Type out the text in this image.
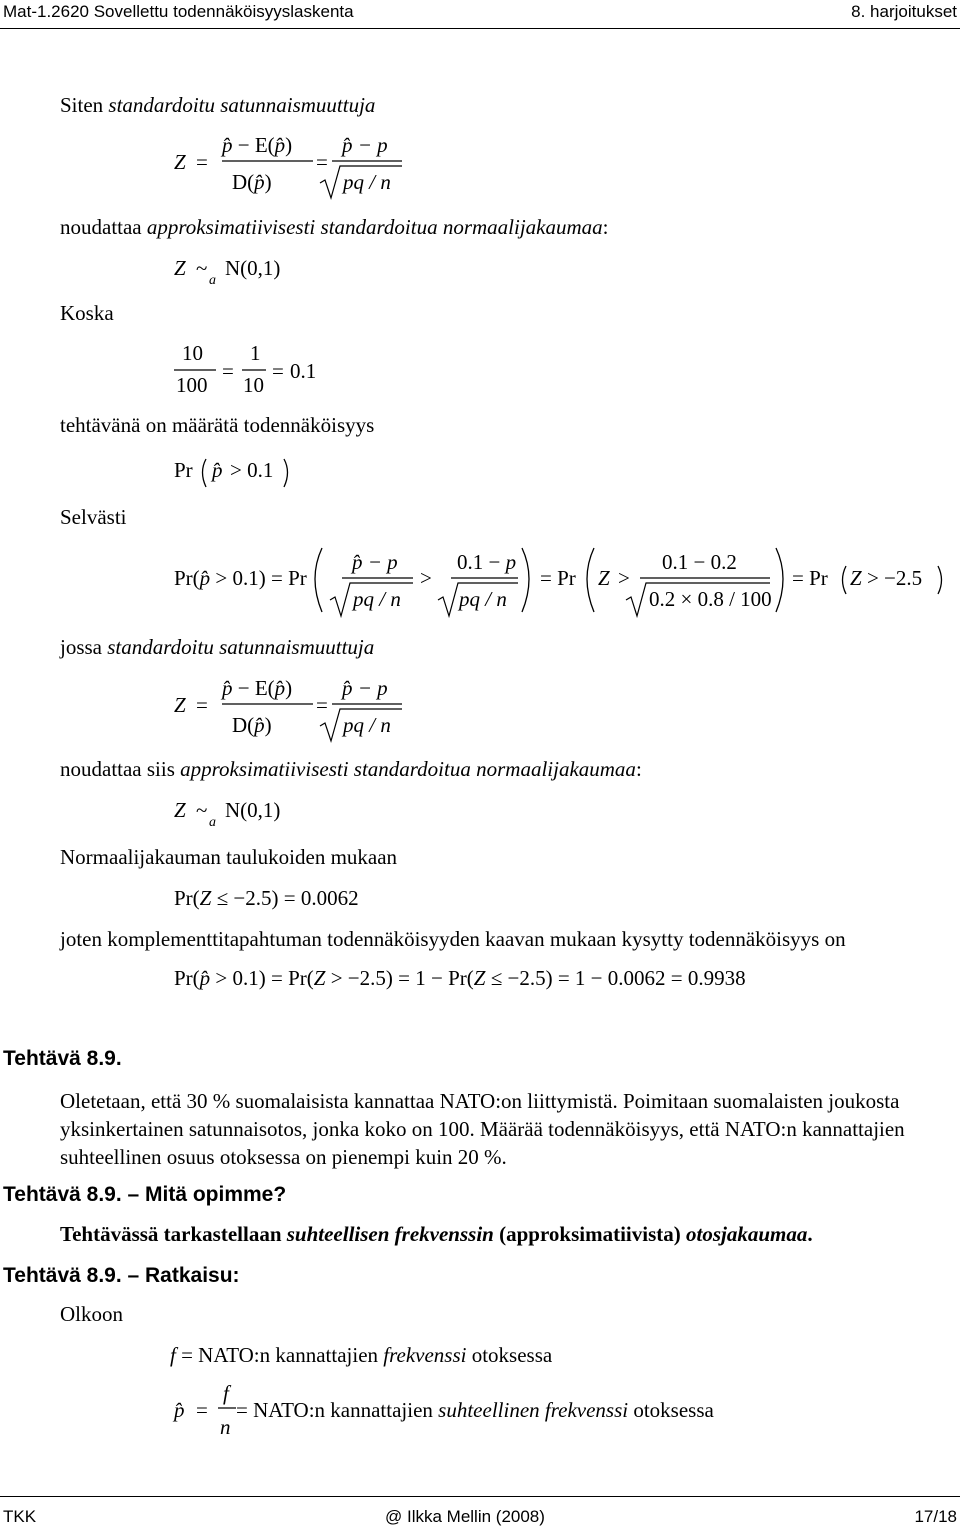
Mat-1.2620 Sovellettu todennäköisyyslaskenta	8. harjoitukset
Siten standardoitu satunnaismuuttuja
Z =
p̂ − E(p̂)
D(p̂)
=
p̂ − p
pq / n
noudattaa approksimatiivisesti standardoitua normaalijakaumaa:
Z ~
a
N(0,1)
Koska
10
100
=
1
10
= 0.1
tehtävänä on määrätä todennäköisyys
Pr p̂ > 0.1
Selvästi
Pr(p̂ > 0.1) = Pr
p̂ − p
pq / n
>
0.1 − p
pq / n
= Pr Z >
0.1 − 0.2
0.2 × 0.8 / 100
= Pr Z > −2.5
jossa standardoitu satunnaismuuttuja
Z =
p̂ − E(p̂)
D(p̂)
=
p̂ − p
pq / n
noudattaa siis approksimatiivisesti standardoitua normaalijakaumaa:
Z ~
a
N(0,1)
Normaalijakauman taulukoiden mukaan
Pr(Z ≤ −2.5) = 0.0062
joten komplementtitapahtuman todennäköisyyden kaavan mukaan kysytty todennäköisyys on
Pr(p̂ > 0.1) = Pr(Z > −2.5) = 1 − Pr(Z ≤ −2.5) = 1 − 0.0062 = 0.9938
Tehtävä 8.9.
Oletetaan, että 30 % suomalaisista kannattaa NATO:on liittymistä. Poimitaan suomalaisten joukosta yksinkertainen satunnaisotos, jonka koko on 100. Määrää todennäköisyys, että NATO:n kannattajien suhteellinen osuus otoksessa on pienempi kuin 20 %.
Tehtävä 8.9. – Mitä opimme?
Tehtävässä tarkastellaan suhteellisen frekvenssin (approksimatiivista) otosjakaumaa.
Tehtävä 8.9. – Ratkaisu:
Olkoon
f = NATO:n kannattajien frekvenssi otoksessa
p̂ =
f
n
= NATO:n kannattajien suhteellinen frekvenssi otoksessa
TKK	@ Ilkka Mellin (2008)	17/18
